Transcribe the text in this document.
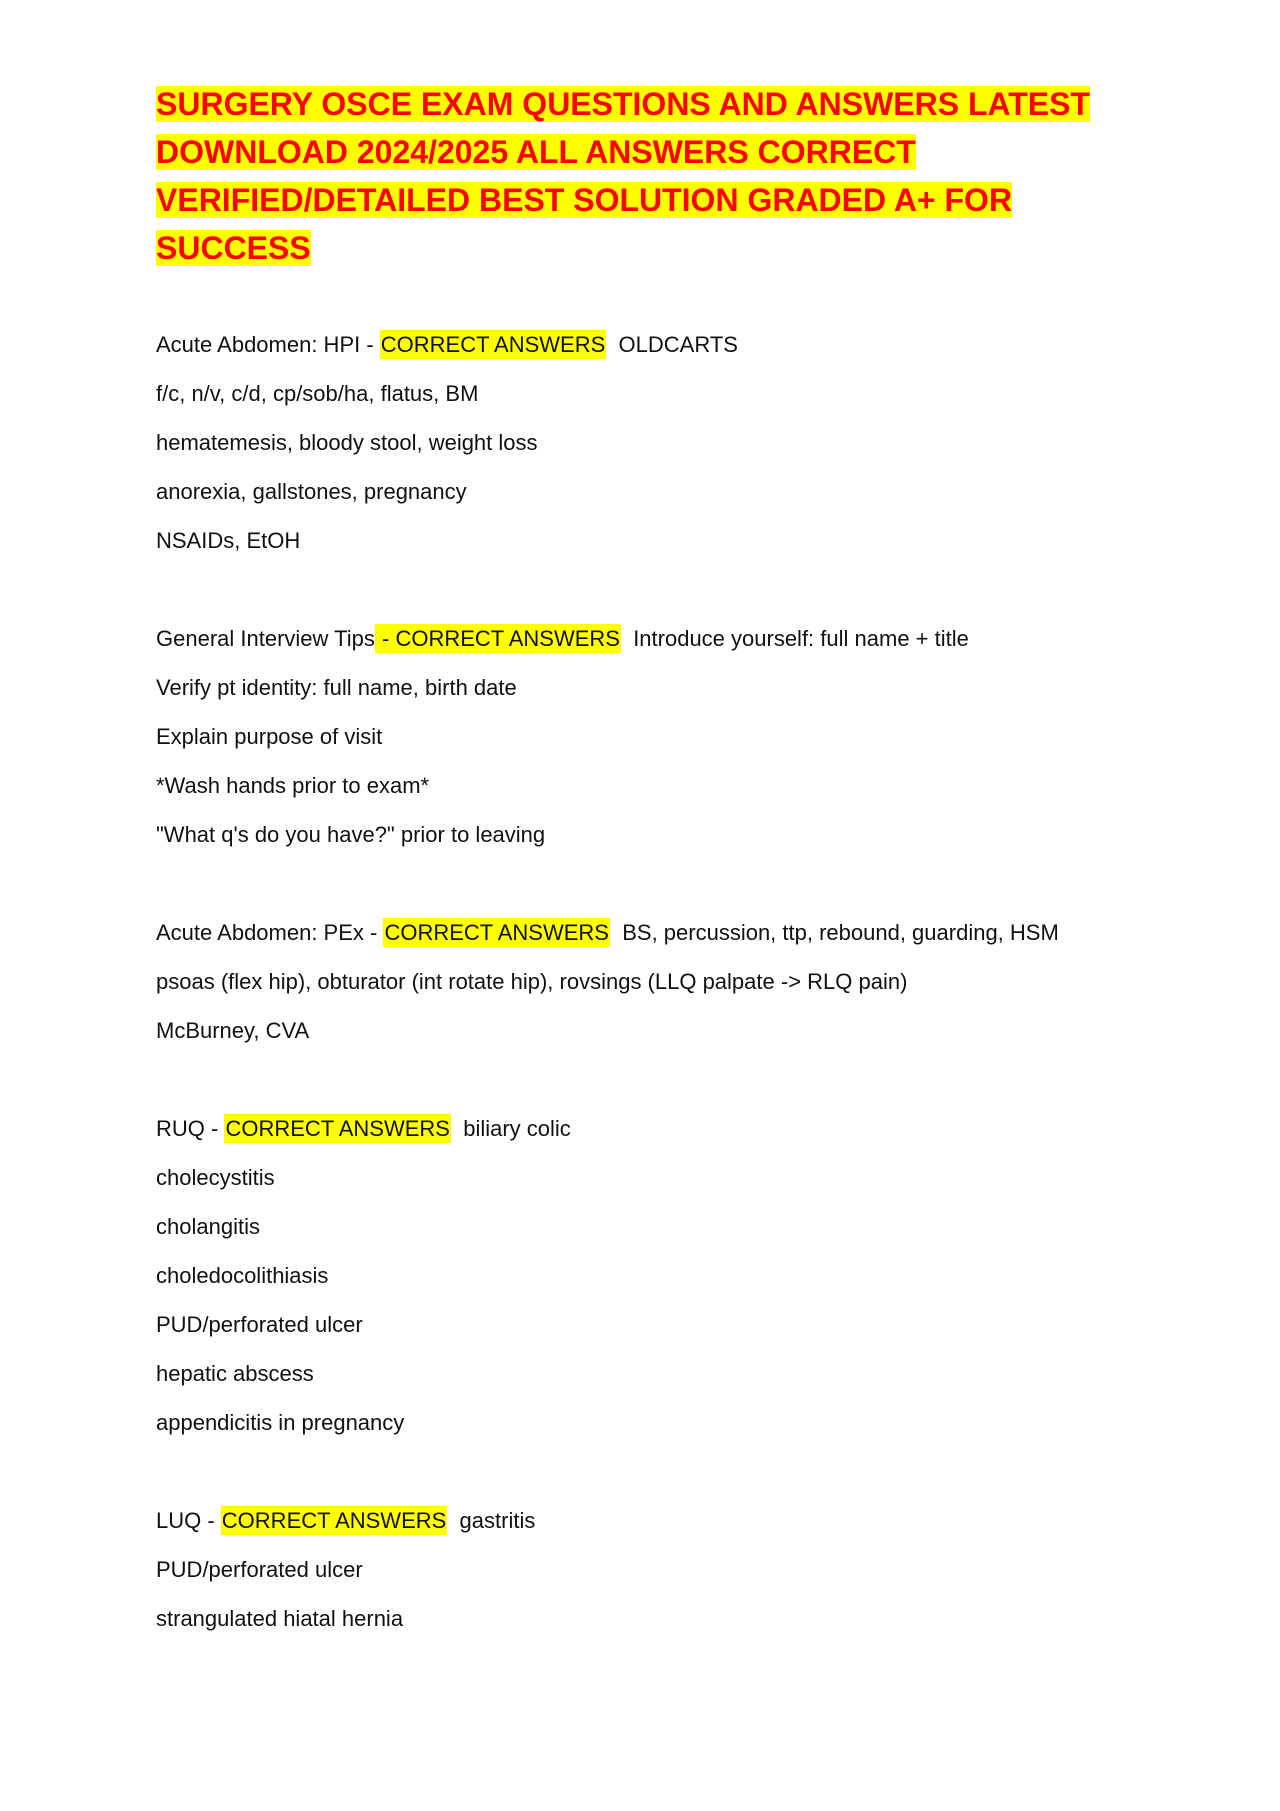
SURGERY OSCE EXAM QUESTIONS AND ANSWERS LATEST DOWNLOAD 2024/2025 ALL ANSWERS CORRECT VERIFIED/DETAILED BEST SOLUTION GRADED A+ FOR SUCCESS
Acute Abdomen: HPI - CORRECT ANSWERS OLDCARTS
f/c, n/v, c/d, cp/sob/ha, flatus, BM
hematemesis, bloody stool, weight loss
anorexia, gallstones, pregnancy
NSAIDs, EtOH
General Interview Tips - CORRECT ANSWERS Introduce yourself: full name + title
Verify pt identity: full name, birth date
Explain purpose of visit
*Wash hands prior to exam*
"What q's do you have?" prior to leaving
Acute Abdomen: PEx - CORRECT ANSWERS BS, percussion, ttp, rebound, guarding, HSM
psoas (flex hip), obturator (int rotate hip), rovsings (LLQ palpate -> RLQ pain)
McBurney, CVA
RUQ - CORRECT ANSWERS biliary colic
cholecystitis
cholangitis
choledocolithiasis
PUD/perforated ulcer
hepatic abscess
appendicitis in pregnancy
LUQ - CORRECT ANSWERS gastritis
PUD/perforated ulcer
strangulated hiatal hernia
